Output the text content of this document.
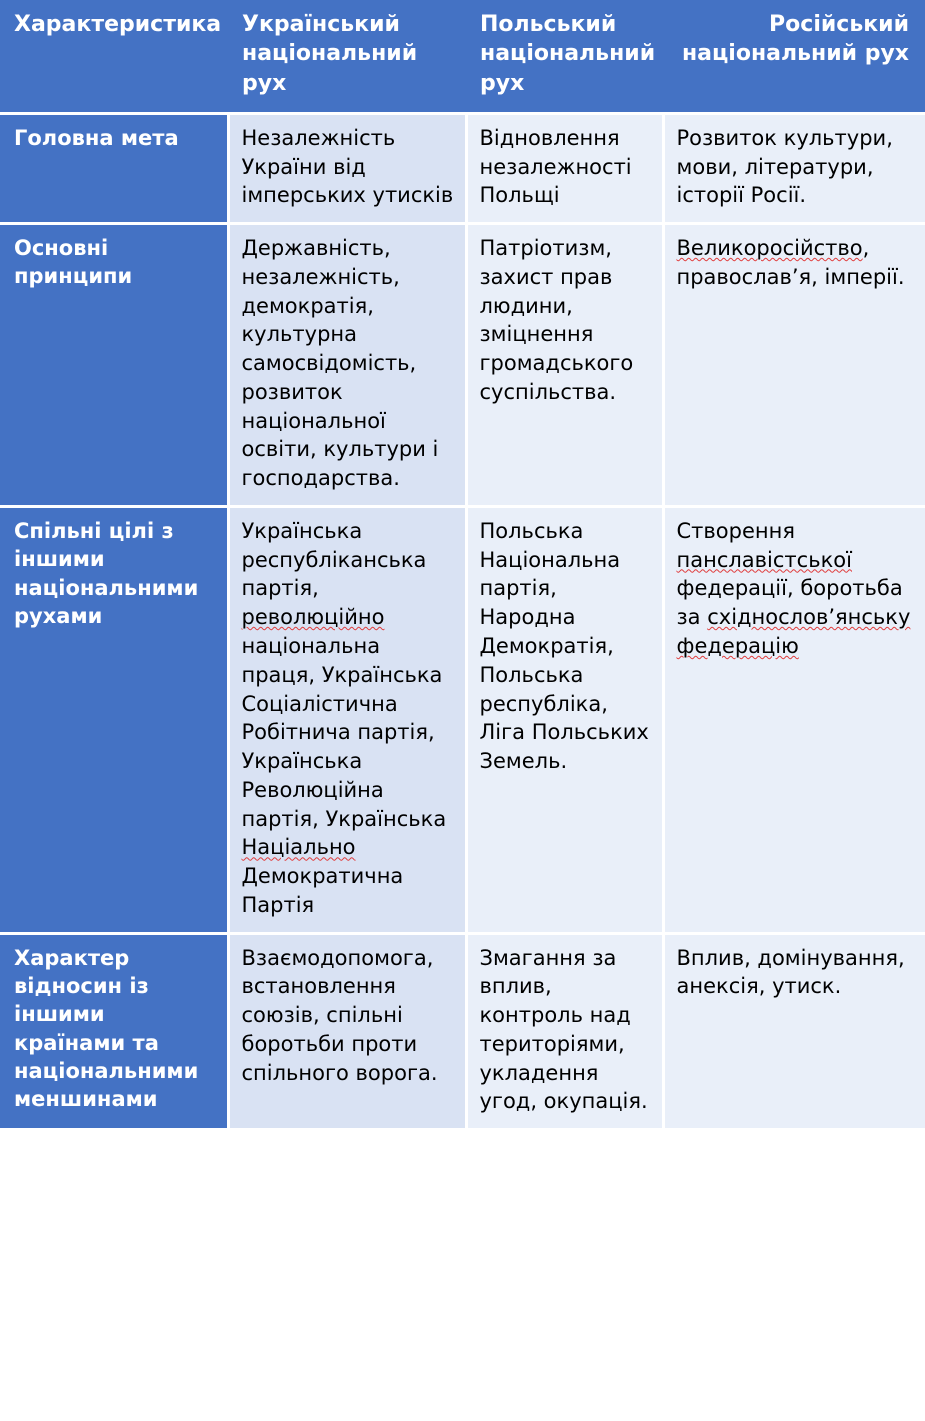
Характеристика	Український національний рух	Польський національний рух	Російський національний рух
Головна мета	Незалежність України від імперських утисків	Відновлення незалежності Польщі	Розвиток культури, мови, літератури, історії Росії.
Основні принципи	Державність, незалежність, демократія, культурна самосвідомість, розвиток національної освіти, культури і господарства.	Патріотизм, захист прав людини, зміцнення громадського суспільства.	Великоросійство, православ’я, імперії.
Спільні цілі з іншими національними рухами	Українська республіканська партія, революційно національна праця, Українська Соціалістична Робітнича партія, Українська Революційна партія, Українська Націально Демократична Партія	Польська Національна партія, Народна Демократія, Польська республіка, Ліга Польських Земель.	Створення панславістської федерації, боротьба за східнослов’янську федерацію
Характер відносин із іншими країнами та національними меншинами	Взаємодопомога, встановлення союзів, спільні боротьби проти спільного ворога.	Змагання за вплив, контроль над територіями, укладення угод, окупація.	Вплив, домінування, анексія, утиск.
